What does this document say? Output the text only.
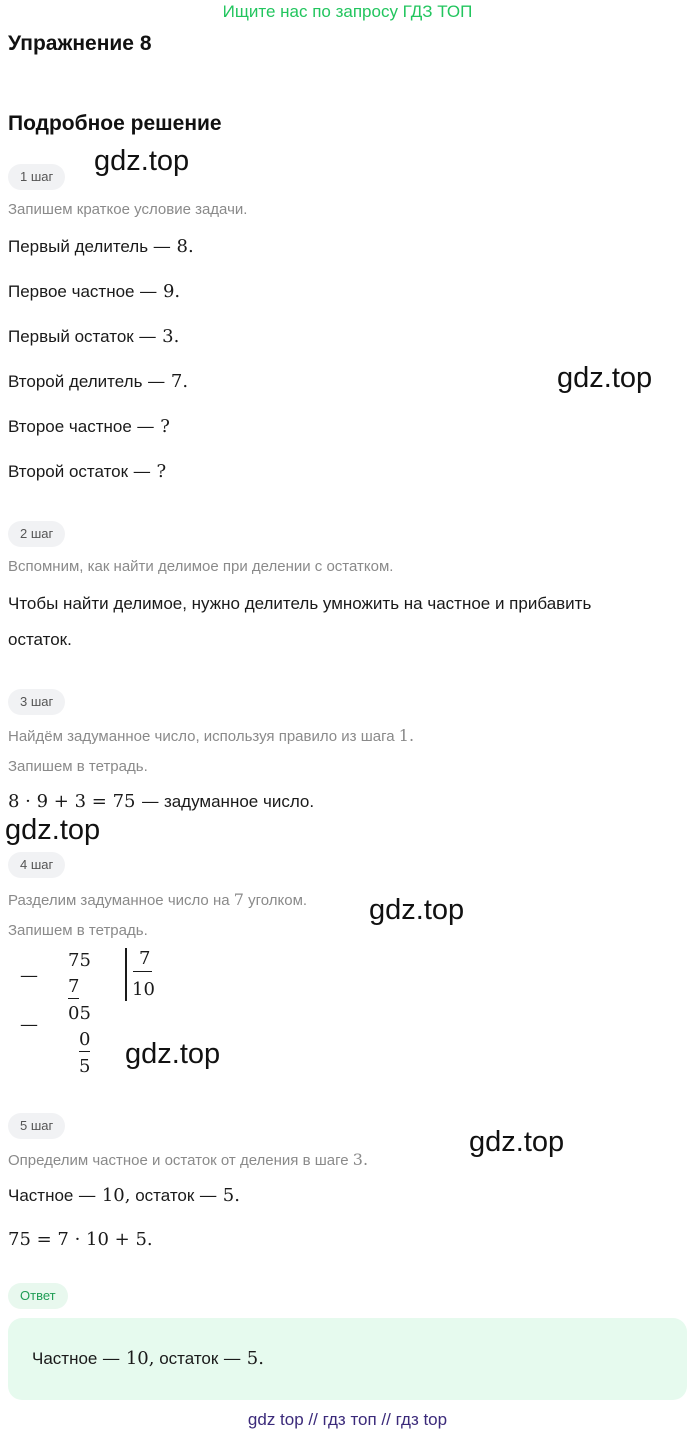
Ищите нас по запросу ГДЗ ТОП
Упражнение 8
Подробное решение
1 шаг
Запишем краткое условие задачи.
Первый делитель — 8.
Первое частное — 9.
Первый остаток — 3.
Второй делитель — 7.
Второе частное — ?
Второй остаток — ?
2 шаг
Вспомним, как найти делимое при делении с остатком.
Чтобы найти делимое, нужно делитель умножить на частное и прибавить
остаток.
3 шаг
Найдём задуманное число, используя правило из шага 1.
Запишем в тетрадь.
8 · 9 + 3 = 75 — задуманное число.
4 шаг
Разделим задуманное число на 7 уголком.
Запишем в тетрадь.
—
75
7
7
10
—
05
0
5
5 шаг
Определим частное и остаток от деления в шаге 3.
Частное — 10, остаток — 5.
75 = 7 · 10 + 5.
Ответ
Частное — 10, остаток — 5.
gdz.top
gdz.top
gdz.top
gdz.top
gdz.top
gdz.top
gdz top // гдз топ // гдз top
